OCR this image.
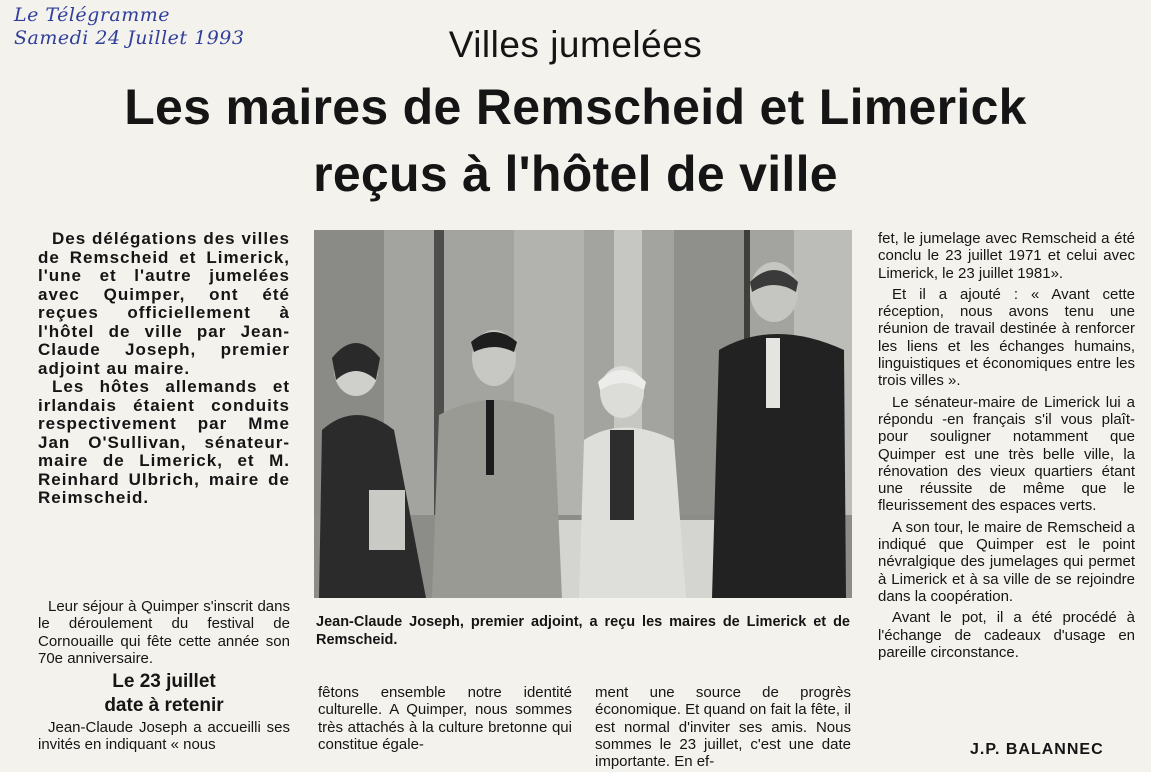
Le Télégramme
Samedi 24 Juillet 1993	Villes jumelées
Les maires de Remscheid et Limerick
reçus à l'hôtel de ville

Des délégations des villes de Remscheid et Limerick, l'une et l'autre jumelées avec Quimper, ont été reçues officiellement à l'hôtel de ville par Jean-Claude Joseph, premier adjoint au maire.

Les hôtes allemands et irlandais étaient conduits respectivement par Mme Jan O'Sullivan, sénateur-maire de Limerick, et M. Reinhard Ulbrich, maire de Reimscheid.

Leur séjour à Quimper s'inscrit dans le déroulement du festival de Cornouaille qui fête cette année son 70e anniversaire.

Le 23 juillet
date à retenir

Jean-Claude Joseph a accueilli ses invités en indiquant « nous

Jean-Claude Joseph, premier adjoint, a reçu les maires de Limerick et de Remscheid.

fêtons ensemble notre identité culturelle. A Quimper, nous sommes très attachés à la culture bretonne qui constitue égale-

ment une source de progrès économique. Et quand on fait la fête, il est normal d'inviter ses amis. Nous sommes le 23 juillet, c'est une date importante. En ef-

fet, le jumelage avec Remscheid a été conclu le 23 juillet 1971 et celui avec Limerick, le 23 juillet 1981».

Et il a ajouté : « Avant cette réception, nous avons tenu une réunion de travail destinée à renforcer les liens et les échanges humains, linguistiques et économiques entre les trois villes ».

Le sénateur-maire de Limerick lui a répondu -en français s'il vous plaît- pour souligner notamment que Quimper est une très belle ville, la rénovation des vieux quartiers étant une réussite de même que le fleurissement des espaces verts.

A son tour, le maire de Remscheid a indiqué que Quimper est le point névralgique des jumelages qui permet à Limerick et à sa ville de se rejoindre dans la coopération.

Avant le pot, il a été procédé à l'échange de cadeaux d'usage en pareille circonstance.

J.P. BALANNEC
